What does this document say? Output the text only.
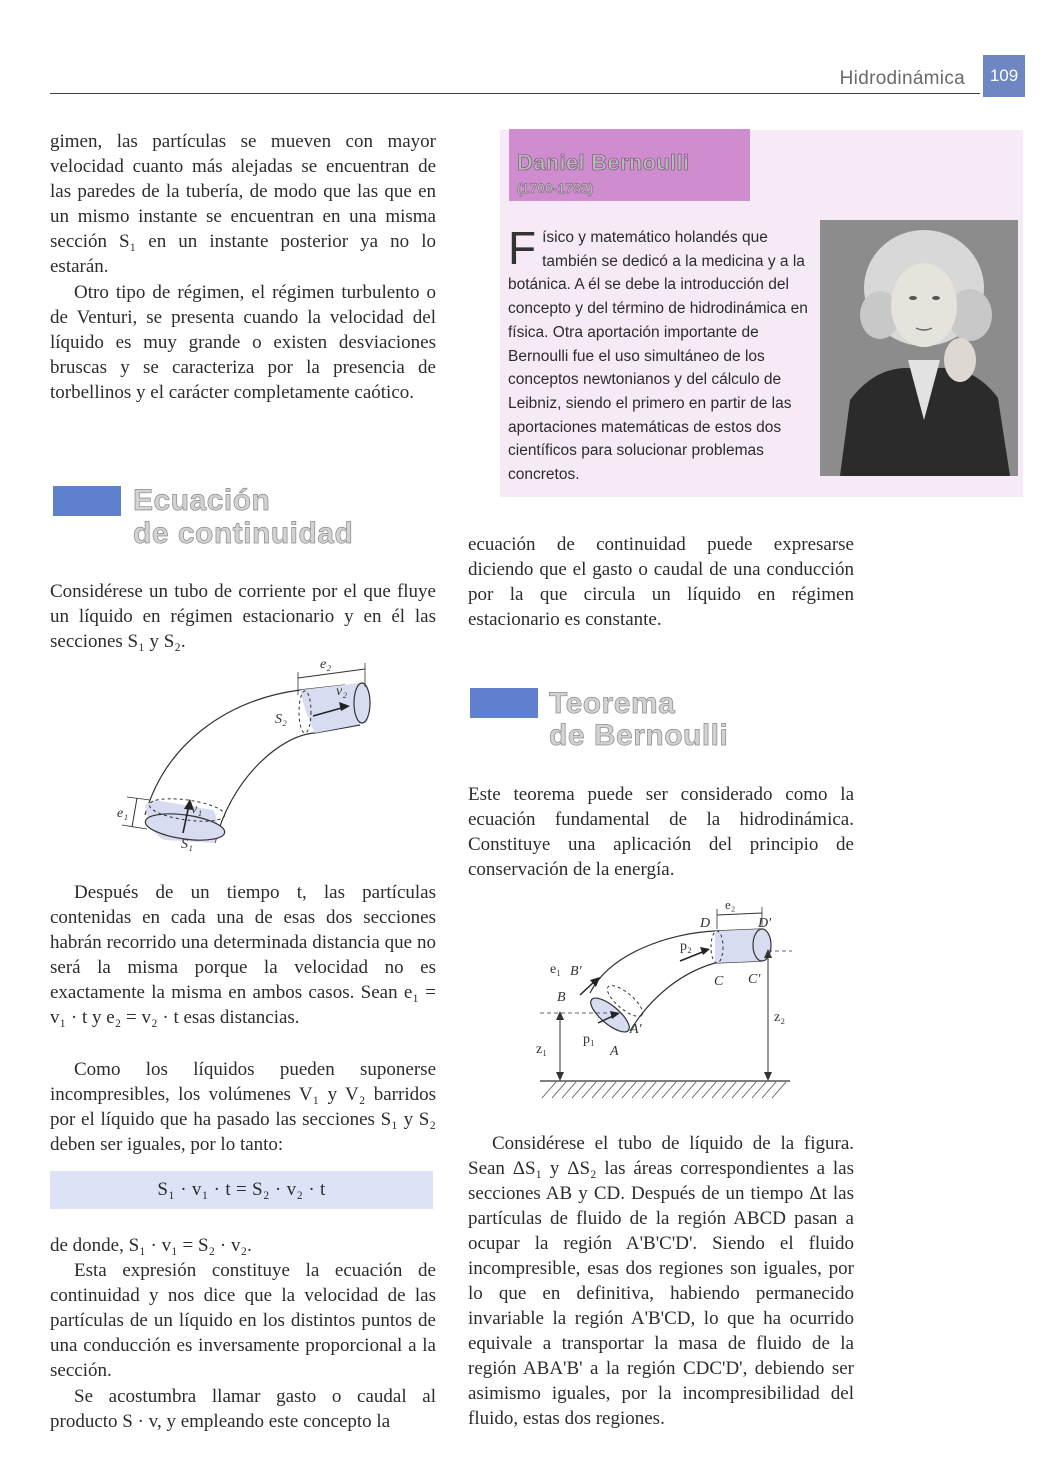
Hidrodinámica	109

gimen, las partículas se mueven con mayor velocidad cuanto más alejadas se encuentran de las paredes de la tubería, de modo que las que en un mismo instante se encuentran en una misma sección S₁ en un instante posterior ya no lo estarán.

Otro tipo de régimen, el régimen turbulento o de Venturi, se presenta cuando la velocidad del líquido es muy grande o existen desviaciones bruscas y se caracteriza por la presencia de torbellinos y el carácter completamente caótico.

Ecuación
de continuidad

Considérese un tubo de corriente por el que fluye un líquido en régimen estacionario y en él las secciones S₁ y S₂.

e₂
S₂
v₂
v₁
S₁
e₁

Después de un tiempo t, las partículas contenidas en cada una de esas dos secciones habrán recorrido una determinada distancia que no será la misma porque la velocidad no es exactamente la misma en ambos casos. Sean e₁ = v₁ · t y e₂ = v₂ · t esas distancias.

Como los líquidos pueden suponerse incompresibles, los volúmenes V₁ y V₂ barridos por el líquido que ha pasado las secciones S₁ y S₂ deben ser iguales, por lo tanto:

S₁ · v₁ · t = S₂ · v₂ · t

de donde, S₁ · v₁ = S₂ · v₂.

Esta expresión constituye la ecuación de continuidad y nos dice que la velocidad de las partículas de un líquido en los distintos puntos de una conducción es inversamente proporcional a la sección.

Se acostumbra llamar gasto o caudal al producto S · v, y empleando este concepto la

Daniel Bernoulli
(1700-1782)

Físico y matemático holandés que también se dedicó a la medicina y a la botánica. A él se debe la introducción del concepto y del término de hidrodinámica en física. Otra aportación importante de Bernoulli fue el uso simultáneo de los conceptos newtonianos y del cálculo de Leibniz, siendo el primero en partir de las aportaciones matemáticas de estos dos científicos para solucionar problemas concretos.

ecuación de continuidad puede expresarse diciendo que el gasto o caudal de una conducción por la que circula un líquido en régimen estacionario es constante.

Teorema
de Bernoulli

Este teorema puede ser considerado como la ecuación fundamental de la hidrodinámica. Constituye una aplicación del principio de conservación de la energía.

e₂
D	D'
p₂
C C'
e₁ B'
B
A'
A
p₁
z₁
z₂

Considérese el tubo de líquido de la figura. Sean ΔS₁ y ΔS₂ las áreas correspondientes a las secciones AB y CD. Después de un tiempo Δt las partículas de fluido de la región ABCD pasan a ocupar la región A'B'C'D'. Siendo el fluido incompresible, esas dos regiones son iguales, por lo que en definitiva, habiendo permanecido invariable la región A'B'CD, lo que ha ocurrido equivale a transportar la masa de fluido de la región ABA'B' a la región CDC'D', debiendo ser asimismo iguales, por la incompresibilidad del fluido, estas dos regiones.
